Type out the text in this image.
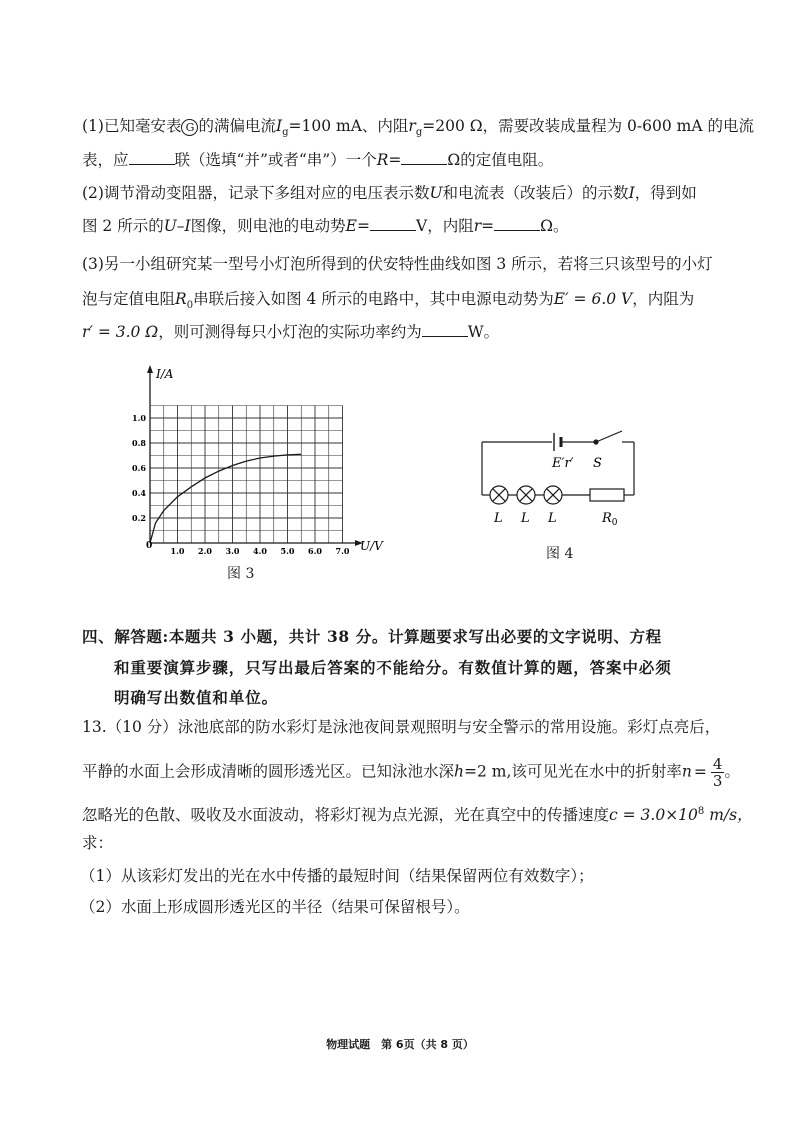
(1)已知毫安表 G 的满偏电流$I_g=100$ mA、内阻$r_g=200$ Ω，需要改装成量程为 0-600 mA 的电流
表，应	联（选填“并”或者“串”）一个R=	Ω的定值电阻。
(2)调节滑动变阻器，记录下多组对应的电压表示数U和电流表（改装后）的示数I，得到如
图 2 所示的U–I图像，则电池的电动势E=	V，内阻r=	Ω。
(3)另一小组研究某一型号小灯泡所得到的伏安特性曲线如图 3 所示，若将三只该型号的小灯
泡与定值电阻$R_0$串联后接入如图 4 所示的电路中，其中电源电动势为E′ = 6.0 V，内阻为
r′ = 3.0 Ω，则可测得每只小灯泡的实际功率约为	W。
1.0 2.0 3.0 4.0 5.0 6.0 7.0
0.2
0.4
0.6
0.8
1.0
I/A
U/V
0
图 3
E′r′ S
L L L	$R_0$
图 4
四、解答题:本题共 3 小题，共计 38 分。计算题要求写出必要的文字说明、方程
和重要演算步骤，只写出最后答案的不能给分。有数值计算的题，答案中必须
明确写出数值和单位。
13.（10 分）泳池底部的防水彩灯是泳池夜间景观照明与安全警示的常用设施。彩灯点亮后，
平静的水面上会形成清晰的圆形透光区。已知泳池水深h=2 m,该可见光在水中的折射率$n = \frac{4}{3}$ 。
忽略光的色散、吸收及水面波动，将彩灯视为点光源，光在真空中的传播速度$c = 3.0\times 10^8$ m/s，
求：
（1）从该彩灯发出的光在水中传播的最短时间（结果保留两位有效数字）；
（2）水面上形成圆形透光区的半径（结果可保留根号）。
物理试题　第 6页（共 8 页）
